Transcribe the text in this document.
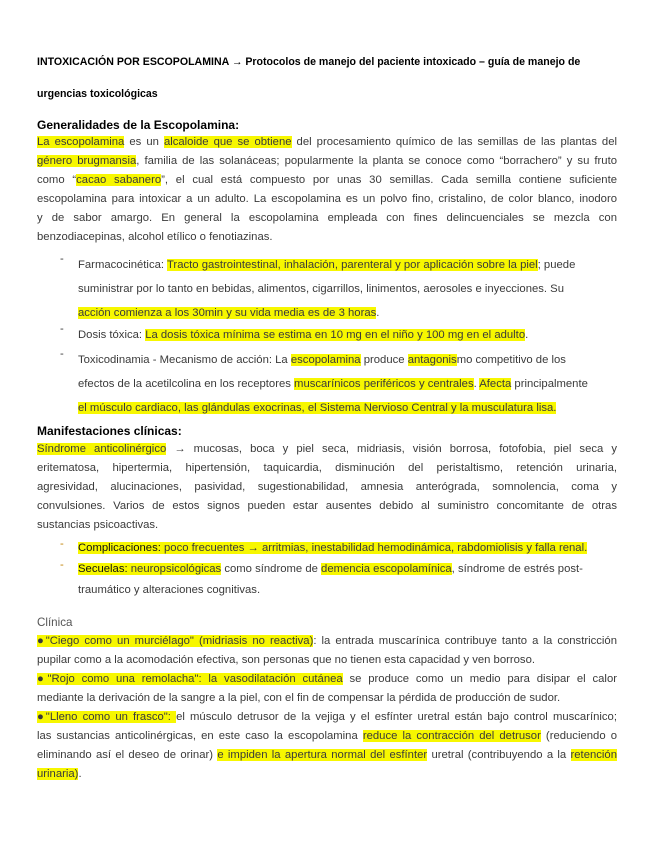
INTOXICACIÓN POR ESCOPOLAMINA → Protocolos de manejo del paciente intoxicado – guía de manejo de
urgencias toxicológicas
Generalidades de la Escopolamina:
La escopolamina es un alcaloide que se obtiene del procesamiento químico de las semillas de las plantas del
género brugmansia, familia de las solanáceas; popularmente la planta se conoce como “borrachero” y su fruto
como “cacao sabanero”, el cual está compuesto por unas 30 semillas. Cada semilla contiene suficiente
escopolamina para intoxicar a un adulto. La escopolamina es un polvo fino, cristalino, de color blanco, inodoro
y de sabor amargo. En general la escopolamina empleada con fines delincuenciales se mezcla con
benzodiacepinas, alcohol etílico o fenotiazinas.
- Farmacocinética: Tracto gastrointestinal, inhalación, parenteral y por aplicación sobre la piel; puede
suministrar por lo tanto en bebidas, alimentos, cigarrillos, linimentos, aerosoles e inyecciones. Su
acción comienza a los 30min y su vida media es de 3 horas.
- Dosis tóxica: La dosis tóxica mínima se estima en 10 mg en el niño y 100 mg en el adulto.
- Toxicodinamia - Mecanismo de acción: La escopolamina produce antagonismo competitivo de los
efectos de la acetilcolina en los receptores muscarínicos periféricos y centrales. Afecta principalmente
el músculo cardiaco, las glándulas exocrinas, el Sistema Nervioso Central y la musculatura lisa.
Manifestaciones clínicas:
Síndrome anticolinérgico → mucosas, boca y piel seca, midriasis, visión borrosa, fotofobia, piel seca y
eritematosa, hipertermia, hipertensión, taquicardia, disminución del peristaltismo, retención urinaria,
agresividad, alucinaciones, pasividad, sugestionabilidad, amnesia anterógrada, somnolencia, coma y
convulsiones. Varios de estos signos pueden estar ausentes debido al suministro concomitante de otras
sustancias psicoactivas.
- Complicaciones: poco frecuentes → arritmias, inestabilidad hemodinámica, rabdomiolisis y falla renal.
- Secuelas: neuropsicológicas como síndrome de demencia escopolamínica, síndrome de estrés post-
traumático y alteraciones cognitivas.
Clínica
●"Ciego como un murciélago" (midriasis no reactiva): la entrada muscarínica contribuye tanto a la constricción
pupilar como a la acomodación efectiva, son personas que no tienen esta capacidad y ven borroso.
●"Rojo como una remolacha": la vasodilatación cutánea se produce como un medio para disipar el calor
mediante la derivación de la sangre a la piel, con el fin de compensar la pérdida de producción de sudor.
●"Lleno como un frasco": el músculo detrusor de la vejiga y el esfínter uretral están bajo control muscarínico;
las sustancias anticolinérgicas, en este caso la escopolamina reduce la contracción del detrusor (reduciendo o
eliminando así el deseo de orinar) e impiden la apertura normal del esfínter uretral (contribuyendo a la retención
urinaria).
